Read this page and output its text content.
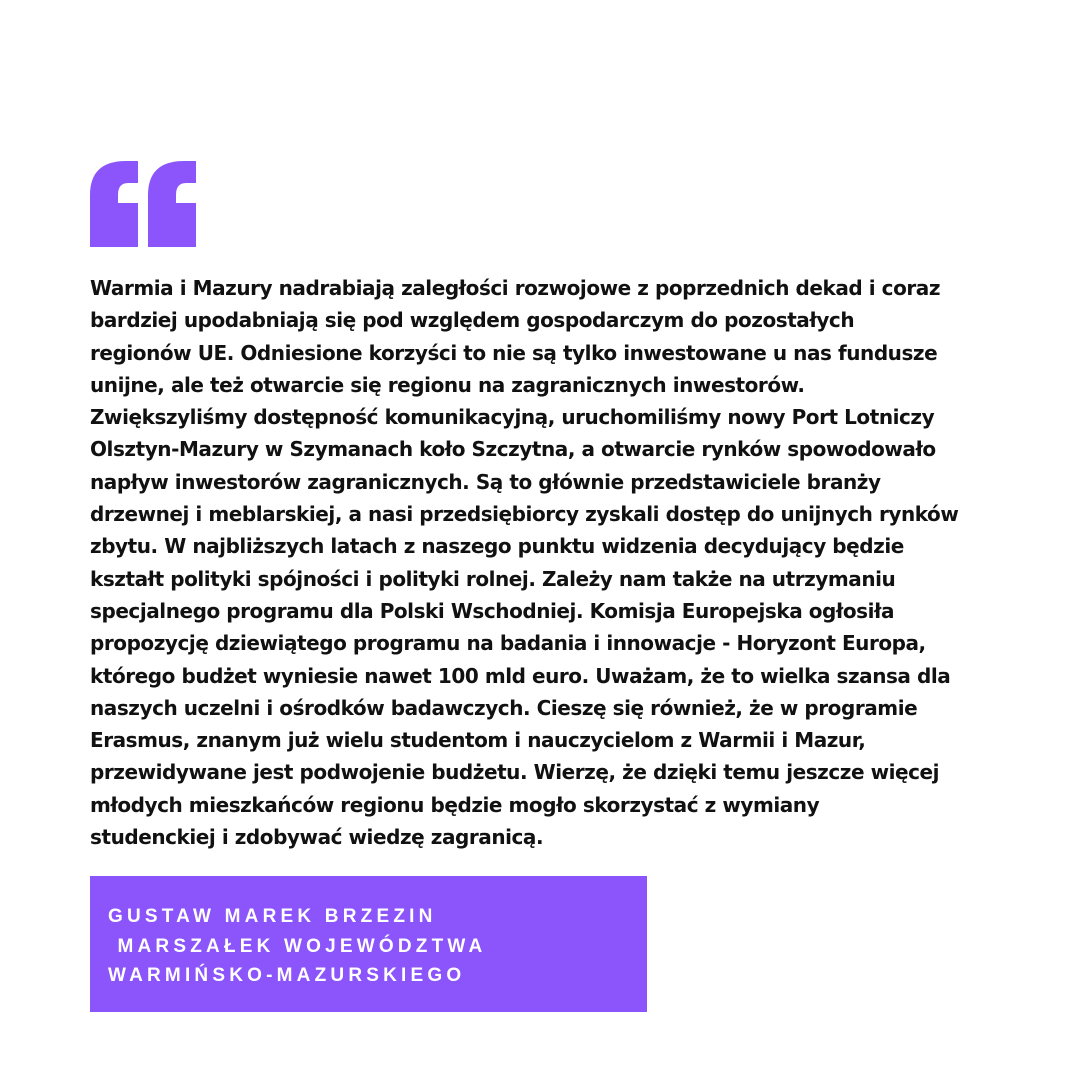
Warmia i Mazury nadrabiają zaległości rozwojowe z poprzednich dekad i coraz
bardziej upodabniają się pod względem gospodarczym do pozostałych
regionów UE. Odniesione korzyści to nie są tylko inwestowane u nas fundusze
unijne, ale też otwarcie się regionu na zagranicznych inwestorów.
Zwiększyliśmy dostępność komunikacyjną, uruchomiliśmy nowy Port Lotniczy
Olsztyn-Mazury w Szymanach koło Szczytna, a otwarcie rynków spowodowało
napływ inwestorów zagranicznych. Są to głównie przedstawiciele branży
drzewnej i meblarskiej, a nasi przedsiębiorcy zyskali dostęp do unijnych rynków
zbytu. W najbliższych latach z naszego punktu widzenia decydujący będzie
kształt polityki spójności i polityki rolnej. Zależy nam także na utrzymaniu
specjalnego programu dla Polski Wschodniej. Komisja Europejska ogłosiła
propozycję dziewiątego programu na badania i innowacje - Horyzont Europa,
którego budżet wyniesie nawet 100 mld euro. Uważam, że to wielka szansa dla
naszych uczelni i ośrodków badawczych. Cieszę się również, że w programie
Erasmus, znanym już wielu studentom i nauczycielom z Warmii i Mazur,
przewidywane jest podwojenie budżetu. Wierzę, że dzięki temu jeszcze więcej
młodych mieszkańców regionu będzie mogło skorzystać z wymiany
studenckiej i zdobywać wiedzę zagranicą.

GUSTAW MAREK BRZEZIN
MARSZAŁEK WOJEWÓDZTWA
WARMIŃSKO-MAZURSKIEGO
